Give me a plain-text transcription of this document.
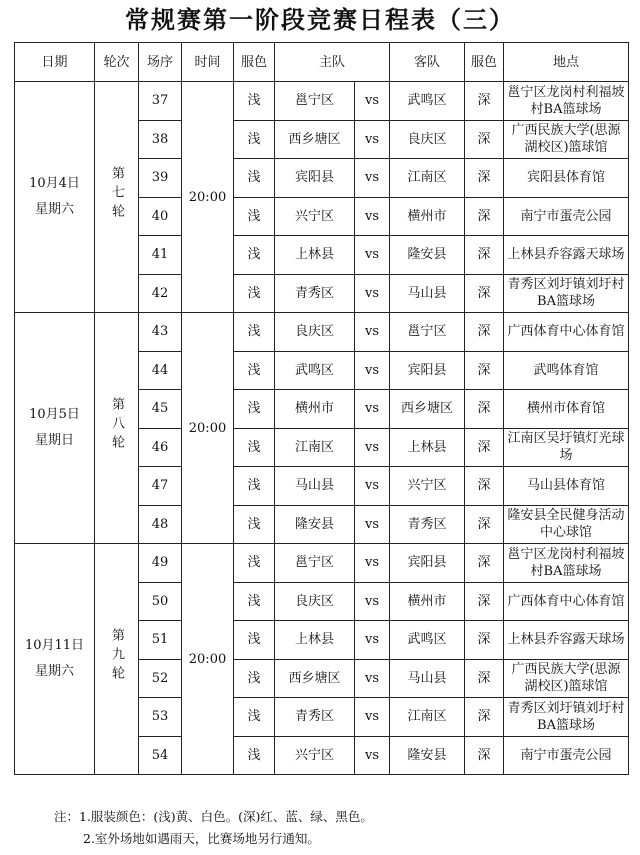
常规赛第一阶段竞赛日程表（三）
日期	轮次	场序	时间	服色	主队		客队	服色	地点

10月4日
星期六	第七轮	37	20:00	浅	邕宁区	vs	武鸣区	深	邕宁区龙岗村利福坡村BA篮球场
		38		浅	西乡塘区	vs	良庆区	深	广西民族大学(思源湖校区)篮球馆
		39		浅	宾阳县	vs	江南区	深	宾阳县体育馆
		40		浅	兴宁区	vs	横州市	深	南宁市蛋壳公园
		41		浅	上林县	vs	隆安县	深	上林县乔容露天球场
		42		浅	青秀区	vs	马山县	深	青秀区刘圩镇刘圩村BA篮球场

10月5日
星期日	第八轮	43	20:00	浅	良庆区	vs	邕宁区	深	广西体育中心体育馆
		44		浅	武鸣区	vs	宾阳县	深	武鸣体育馆
		45		浅	横州市	vs	西乡塘区	深	横州市体育馆
		46		浅	江南区	vs	上林县	深	江南区吴圩镇灯光球场
		47		浅	马山县	vs	兴宁区	深	马山县体育馆
		48		浅	隆安县	vs	青秀区	深	隆安县全民健身活动中心球馆

10月11日
星期六	第九轮	49	20:00	浅	邕宁区	vs	宾阳县	深	邕宁区龙岗村利福坡村BA篮球场
		50		浅	良庆区	vs	横州市	深	广西体育中心体育馆
		51		浅	上林县	vs	武鸣区	深	上林县乔容露天球场
		52		浅	西乡塘区	vs	马山县	深	广西民族大学(思源湖校区)篮球馆
		53		浅	青秀区	vs	江南区	深	青秀区刘圩镇刘圩村BA篮球场
		54		浅	兴宁区	vs	隆安县	深	南宁市蛋壳公园
注：1.服装颜色：(浅)黄、白色。(深)红、蓝、绿、黑色。
2.室外场地如遇雨天，比赛场地另行通知。
